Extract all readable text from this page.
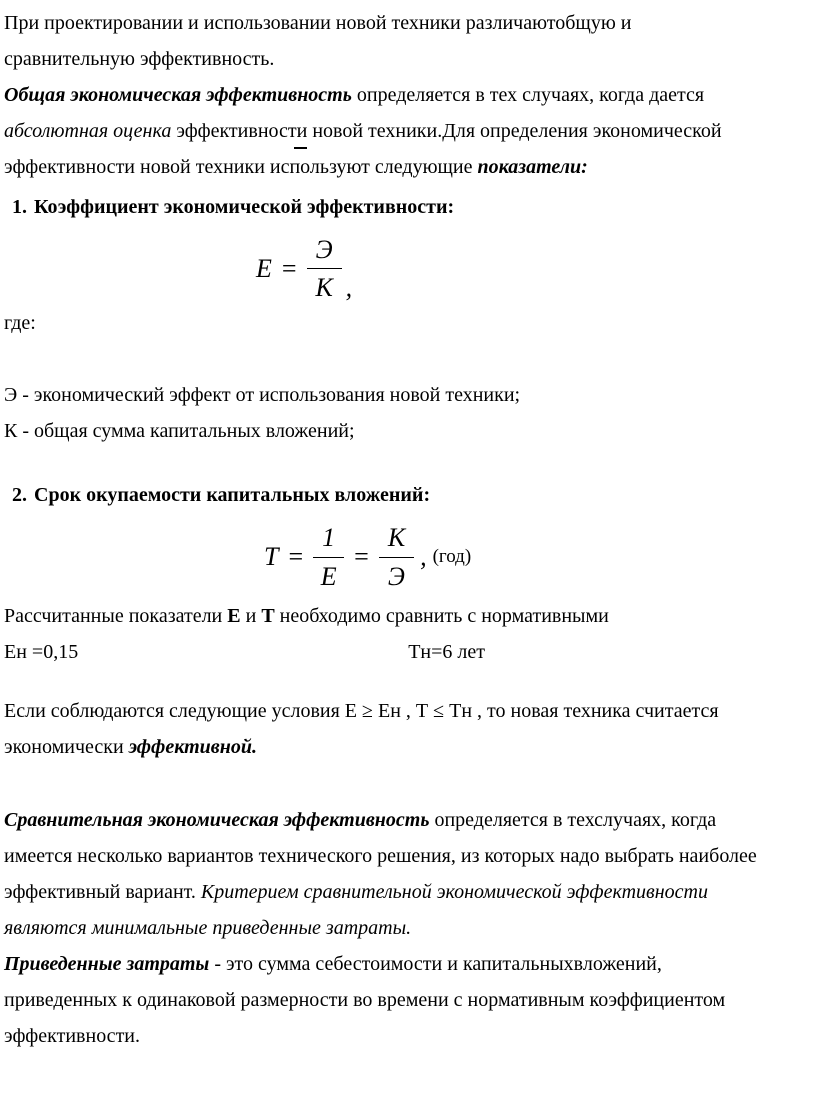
При проектировании и использовании новой техники различаютобщую и сравнительную эффективность.

Общая экономическая эффективность определяется в тех случаях, когда дается абсолютная оценка эффективности новой техники.Для определения экономической эффективности новой техники используют следующие показатели:

1. Коэффициент экономической эффективности:

$Е = \frac{Э}{К}$ ,

где:

Э - экономический эффект от использования новой техники;

К - общая сумма капитальных вложений;

2. Срок окупаемости капитальных вложений:

$Т = \frac{1}{Е} = \frac{К}{Э}$ , (год)

Рассчитанные показатели Е и Т необходимо сравнить с нормативными

Ен =0,15	Тн=6 лет

Если соблюдаются следующие условия Е ≥ Ен , Т ≤ Тн , то новая техника считается экономически эффективной.

Сравнительная экономическая эффективность определяется в техслучаях, когда имеется несколько вариантов технического решения, из которых надо выбрать наиболее эффективный вариант. Критерием сравнительной экономической эффективности являются минимальные приведенные затраты.

Приведенные затраты - это сумма себестоимости и капитальныхвложений, приведенных к одинаковой размерности во времени с нормативным коэффициентом эффективности.
